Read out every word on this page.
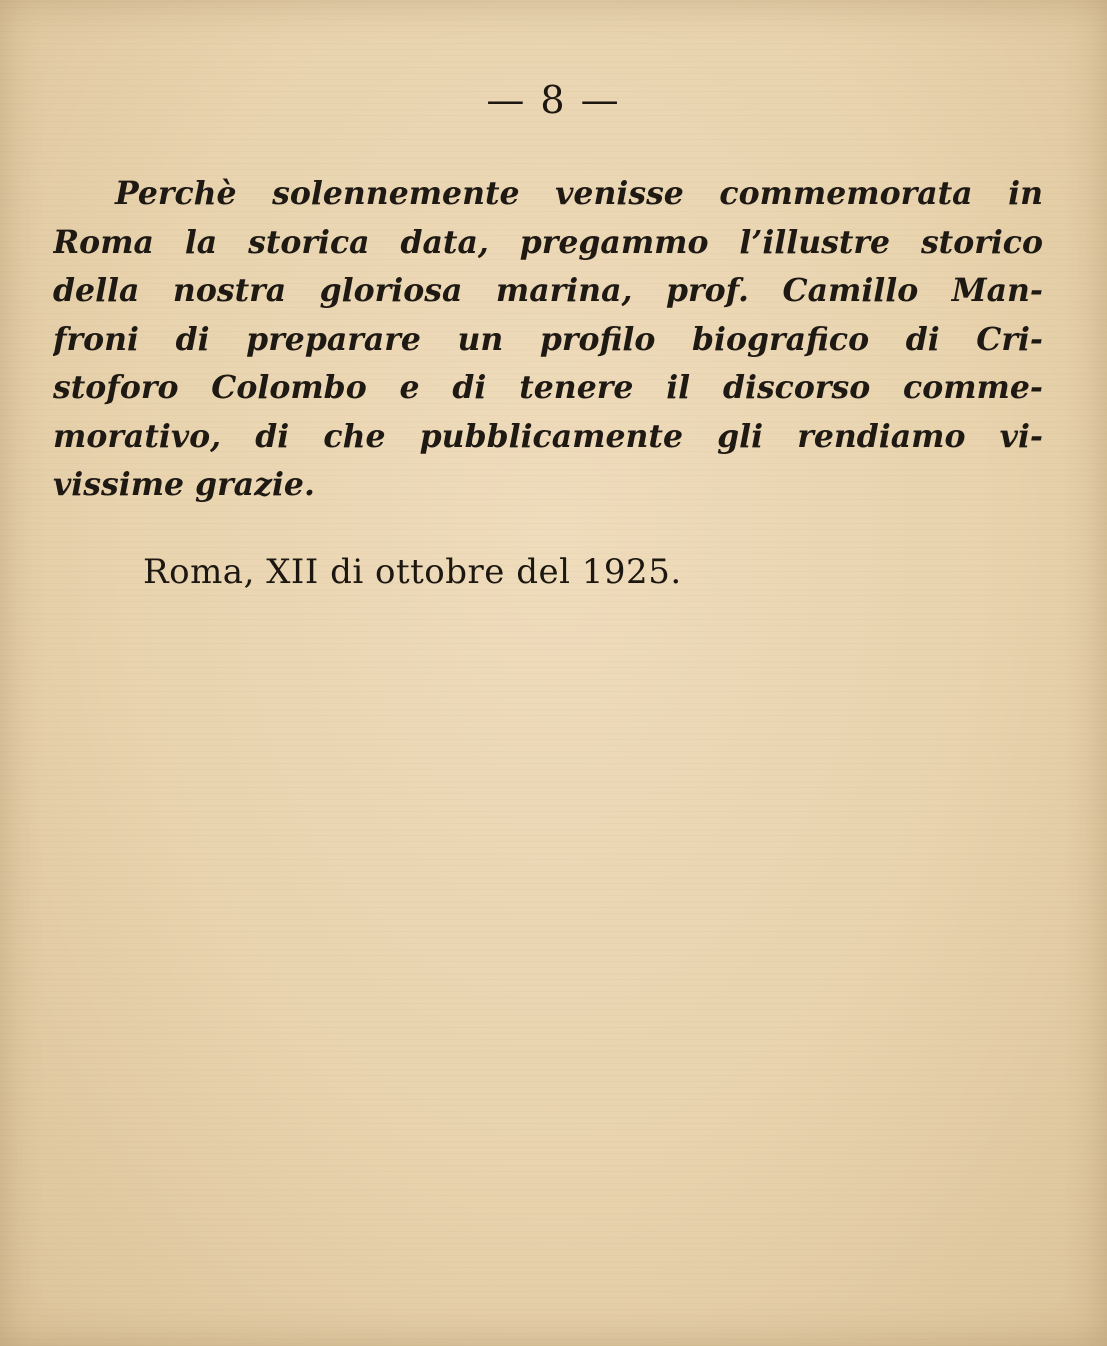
— 8 —

Perchè solennemente venisse commemorata in
Roma la storica data, pregammo l’illustre storico
della nostra gloriosa marina, prof. Camillo Man-
froni di preparare un profilo biografico di Cri-
stoforo Colombo e di tenere il discorso comme-
morativo, di che pubblicamente gli rendiamo vi-
vissime grazie.

Roma, XII di ottobre del 1925.
